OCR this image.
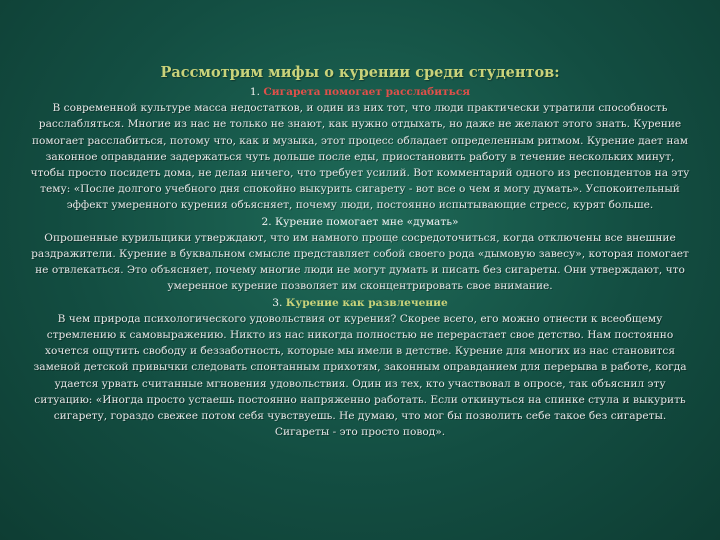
Рассмотрим мифы о курении среди студентов:

1. Сигарета помогает расслабиться

В современной культуре масса недостатков, и один из них тот, что люди практически утратили способность расслабляться. Многие из нас не только не знают, как нужно отдыхать, но даже не желают этого знать. Курение помогает расслабиться, потому что, как и музыка, этот процесс обладает определенным ритмом. Курение дает нам законное оправдание задержаться чуть дольше после еды, приостановить работу в течение нескольких минут, чтобы просто посидеть дома, не делая ничего, что требует усилий. Вот комментарий одного из респондентов на эту тему: «После долгого учебного дня спокойно выкурить сигарету - вот все о чем я могу думать». Успокоительный эффект умеренного курения объясняет, почему люди, постоянно испытывающие стресс, курят больше.

2. Курение помогает мне «думать»

Опрошенные курильщики утверждают, что им намного проще сосредоточиться, когда отключены все внешние раздражители. Курение в буквальном смысле представляет собой своего рода «дымовую завесу», которая помогает не отвлекаться. Это объясняет, почему многие люди не могут думать и писать без сигареты. Они утверждают, что умеренное курение позволяет им сконцентрировать свое внимание.

3. Курение как развлечение

В чем природа психологического удовольствия от курения? Скорее всего, его можно отнести к всеобщему стремлению к самовыражению. Никто из нас никогда полностью не перерастает свое детство. Нам постоянно хочется ощутить свободу и беззаботность, которые мы имели в детстве. Курение для многих из нас становится заменой детской привычки следовать спонтанным прихотям, законным оправданием для перерыва в работе, когда удается урвать считанные мгновения удовольствия. Один из тех, кто участвовал в опросе, так объяснил эту ситуацию: «Иногда просто устаешь постоянно напряженно работать. Если откинуться на спинке стула и выкурить сигарету, гораздо свежее потом себя чувствуешь. Не думаю, что мог бы позволить себе такое без сигареты. Сигареты - это просто повод».
